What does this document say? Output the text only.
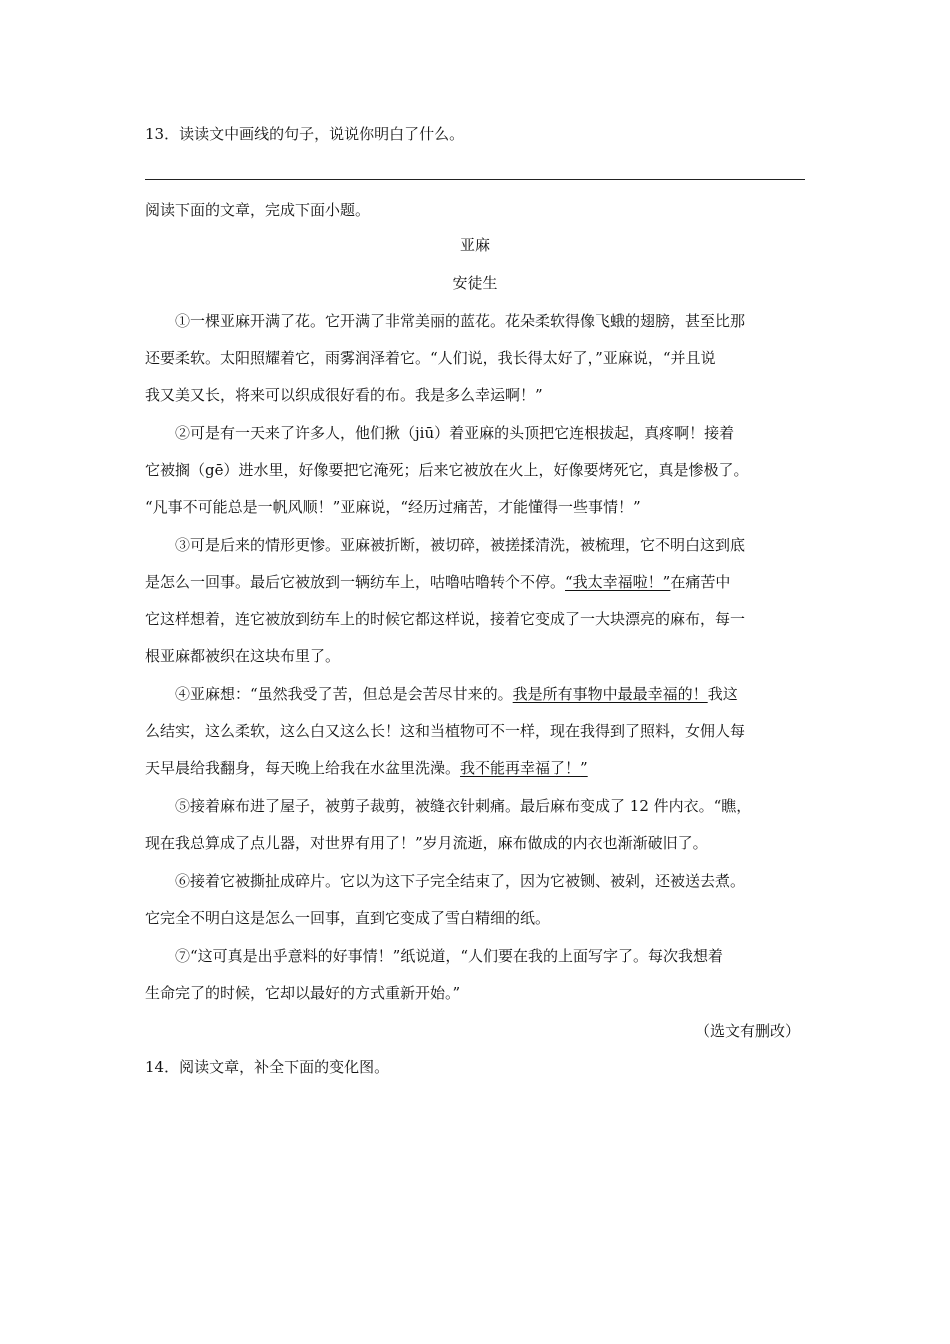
13．读读文中画线的句子，说说你明白了什么。
阅读下面的文章，完成下面小题。
亚麻
安徒生
①一棵亚麻开满了花。它开满了非常美丽的蓝花。花朵柔软得像飞蛾的翅膀，甚至比那
还要柔软。太阳照耀着它，雨雾润泽着它。“人们说，我长得太好了，”亚麻说，“并且说
我又美又长，将来可以织成很好看的布。我是多么幸运啊！”
②可是有一天来了许多人，他们揪（jiū）着亚麻的头顶把它连根拔起，真疼啊！接着
它被搁（gē）进水里，好像要把它淹死；后来它被放在火上，好像要烤死它，真是惨极了。
“凡事不可能总是一帆风顺！”亚麻说，“经历过痛苦，才能懂得一些事情！”
③可是后来的情形更惨。亚麻被折断，被切碎，被搓揉清洗，被梳理，它不明白这到底
是怎么一回事。最后它被放到一辆纺车上，咕噜咕噜转个不停。“我太幸福啦！”在痛苦中
它这样想着，连它被放到纺车上的时候它都这样说，接着它变成了一大块漂亮的麻布，每一
根亚麻都被织在这块布里了。
④亚麻想：“虽然我受了苦，但总是会苦尽甘来的。我是所有事物中最最幸福的！我这
么结实，这么柔软，这么白又这么长！这和当植物可不一样，现在我得到了照料，女佣人每
天早晨给我翻身，每天晚上给我在水盆里洗澡。我不能再幸福了！”
⑤接着麻布进了屋子，被剪子裁剪，被缝衣针刺痛。最后麻布变成了 12 件内衣。“瞧，
现在我总算成了点儿器，对世界有用了！”岁月流逝，麻布做成的内衣也渐渐破旧了。
⑥接着它被撕扯成碎片。它以为这下子完全结束了，因为它被铡、被剁，还被送去煮。
它完全不明白这是怎么一回事，直到它变成了雪白精细的纸。
⑦“这可真是出乎意料的好事情！”纸说道，“人们要在我的上面写字了。每次我想着
生命完了的时候，它却以最好的方式重新开始。”
（选文有删改）
14．阅读文章，补全下面的变化图。
